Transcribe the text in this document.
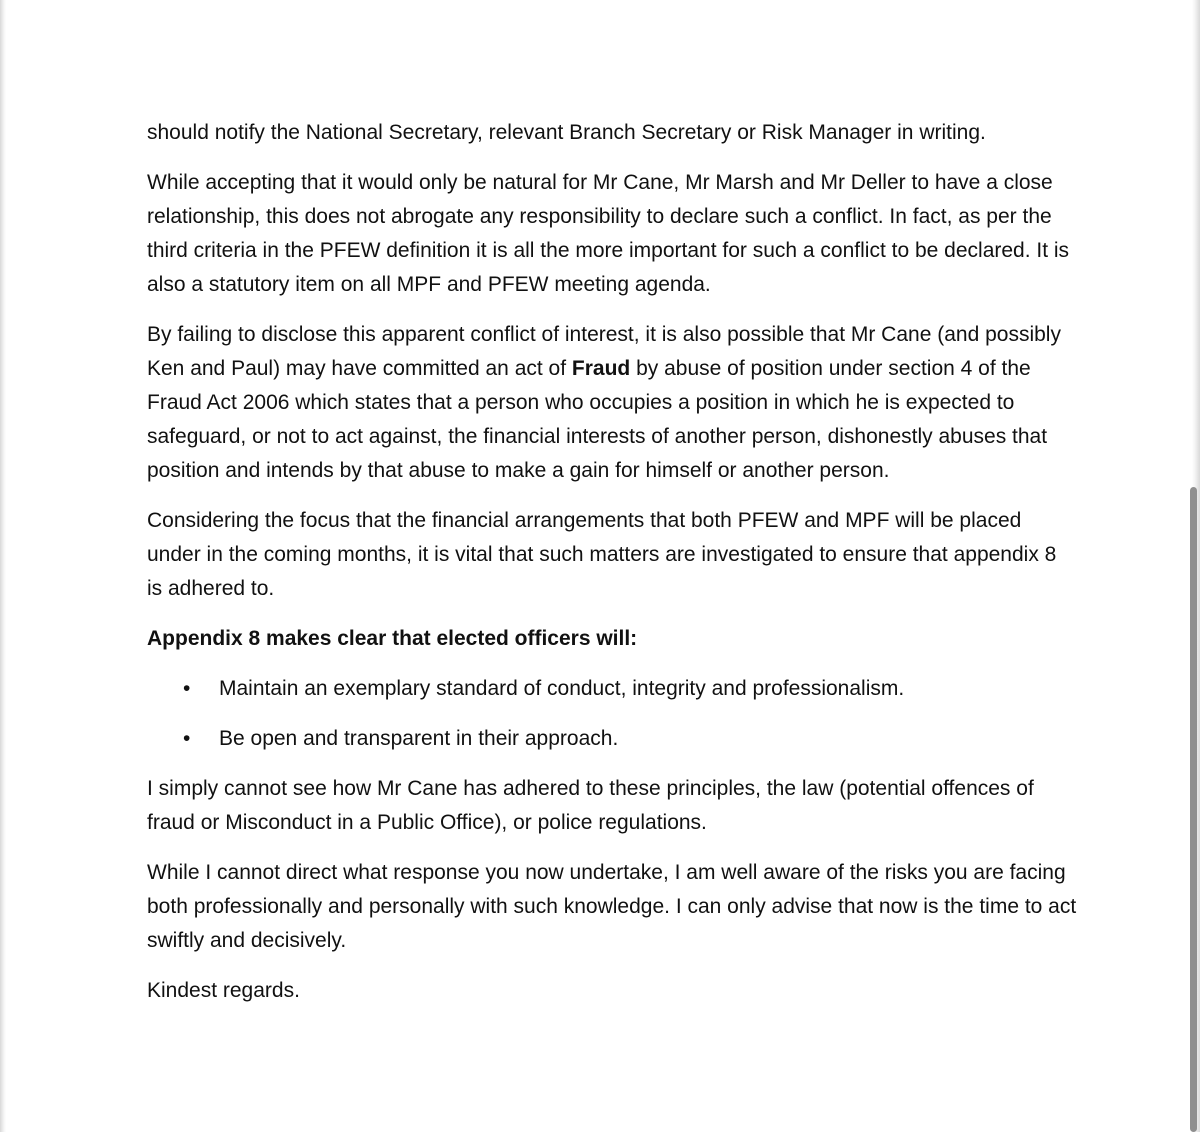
should notify the National Secretary, relevant Branch Secretary or Risk Manager in writing.

While accepting that it would only be natural for Mr Cane, Mr Marsh and Mr Deller to have a close relationship, this does not abrogate any responsibility to declare such a conflict. In fact, as per the third criteria in the PFEW definition it is all the more important for such a conflict to be declared. It is also a statutory item on all MPF and PFEW meeting agenda.

By failing to disclose this apparent conflict of interest, it is also possible that Mr Cane (and possibly Ken and Paul) may have committed an act of Fraud by abuse of position under section 4 of the Fraud Act 2006 which states that a person who occupies a position in which he is expected to safeguard, or not to act against, the financial interests of another person, dishonestly abuses that position and intends by that abuse to make a gain for himself or another person.

Considering the focus that the financial arrangements that both PFEW and MPF will be placed under in the coming months, it is vital that such matters are investigated to ensure that appendix 8 is adhered to.

Appendix 8 makes clear that elected officers will:

• Maintain an exemplary standard of conduct, integrity and professionalism.
• Be open and transparent in their approach.

I simply cannot see how Mr Cane has adhered to these principles, the law (potential offences of fraud or Misconduct in a Public Office), or police regulations.

While I cannot direct what response you now undertake, I am well aware of the risks you are facing both professionally and personally with such knowledge. I can only advise that now is the time to act swiftly and decisively.

Kindest regards.
